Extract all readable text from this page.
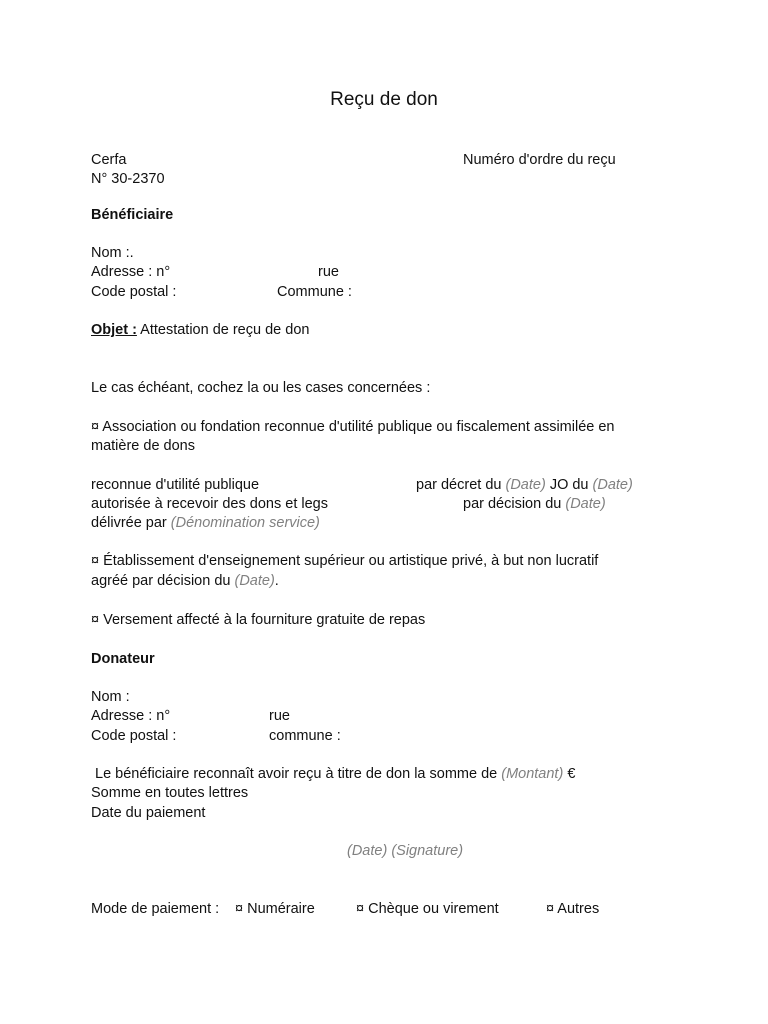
Reçu de don
Cerfa	Numéro d'ordre du reçu
N° 30-2370
Bénéficiaire
Nom :.
Adresse : n°	rue
Code postal :	Commune :
Objet : Attestation de reçu de don
Le cas échéant, cochez la ou les cases concernées :
¤ Association ou fondation reconnue d'utilité publique ou fiscalement assimilée en
matière de dons
reconnue d'utilité publique	par décret du (Date) JO du (Date)
autorisée à recevoir des dons et legs	par décision du (Date)
délivrée par (Dénomination service)
¤ Établissement d'enseignement supérieur ou artistique privé, à but non lucratif
agréé par décision du (Date).
¤ Versement affecté à la fourniture gratuite de repas
Donateur
Nom :
Adresse : n°	rue
Code postal :	commune :
Le bénéficiaire reconnaît avoir reçu à titre de don la somme de (Montant) €
Somme en toutes lettres
Date du paiement
(Date) (Signature)
Mode de paiement : ¤ Numéraire	¤ Chèque ou virement	¤ Autres
